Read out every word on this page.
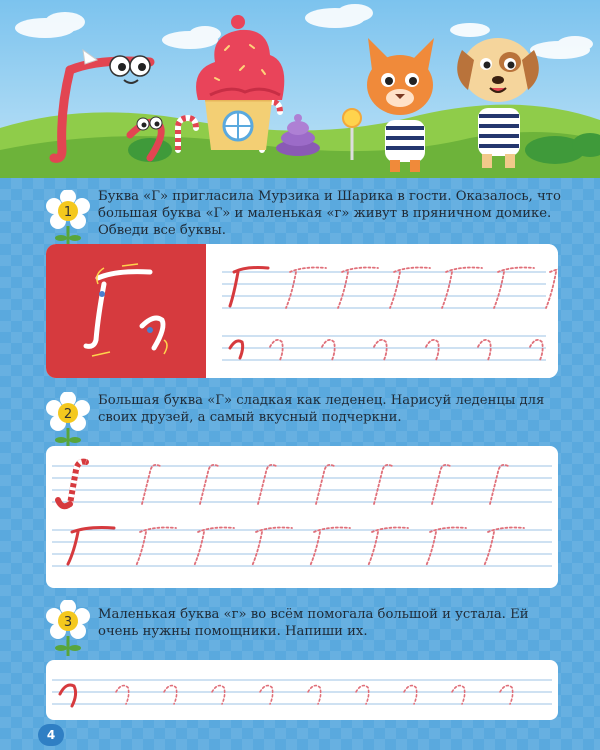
1
Буква «Г» пригласила Мурзика и Шарика в гости. Оказалось, что большая буква «Г» и маленькая «г» живут в пряничном домике. Обведи все буквы.
2
Большая буква «Г» сладкая как леденец. Нарисуй леденцы для своих друзей, а самый вкусный подчеркни.
3
Маленькая буква «г» во всём помогала большой и устала. Ей очень нужны помощники. Напиши их.
4
